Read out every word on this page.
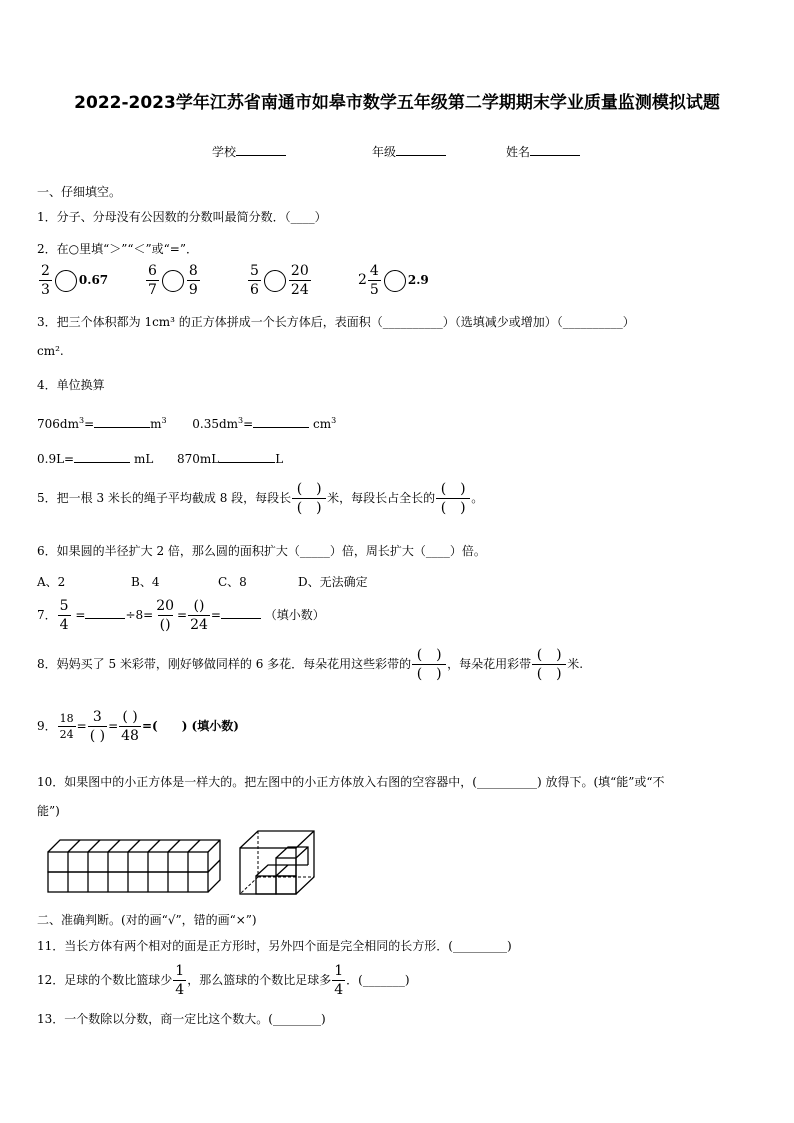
2022-2023学年江苏省南通市如皋市数学五年级第二学期期末学业质量监测模拟试题
学校	年级	姓名
一、仔细填空。
1．分子、分母没有公因数的分数叫最简分数．（____）
2．在○里填“＞”“＜”或“=”．
$\frac{2}{3} 0.67$	$\frac{6}{7} \frac{8}{9}$	$\frac{5}{6} \frac{20}{24}$	$2 \frac{4}{5} 2.9$
3．把三个体积都为 1cm³ 的正方体拼成一个长方体后，表面积（__________）（选填减少或增加）（__________）
cm².
4．单位换算
$706dm^3=$	$m^3$ $0.35dm^3=$	$cm^3$
0.9L=	mL 870mL	L
5．把一根 3 米长的绳子平均截成 8 段，每段长 $\frac{( )}{( )}$ 米，每段长占全长的 $\frac{( )}{( )}$ 。
6．如果圆的半径扩大 2 倍，那么圆的面积扩大（_____）倍，周长扩大（____）倍。
A、2	B、4	C、8	D、无法确定
7． $\frac{5}{4}$ =	$\div 8= \frac{20}{()} = \frac{()}{24}$ =	（填小数）
8．妈妈买了 5 米彩带，刚好够做同样的 6 多花．每朵花用这些彩带的 $\frac{( )}{( )}$ ，每朵花用彩带 $\frac{( )}{( )}$ 米.
9． $\frac{18}{24} = \frac{3}{( )} = \frac{( )}{48}$ =(　　) (填小数)
10．如果图中的小正方体是一样大的。把左图中的小正方体放入右图的空容器中，(__________) 放得下。(填“能”或“不
能”)
二、准确判断。(对的画“√”，错的画“×”)
11．当长方体有两个相对的面是正方形时，另外四个面是完全相同的长方形．(_________)
12．足球的个数比篮球少 $\frac{1}{4}$ ，那么篮球的个数比足球多 $\frac{1}{4}$ ．(_______)
13．一个数除以分数，商一定比这个数大。(________)
